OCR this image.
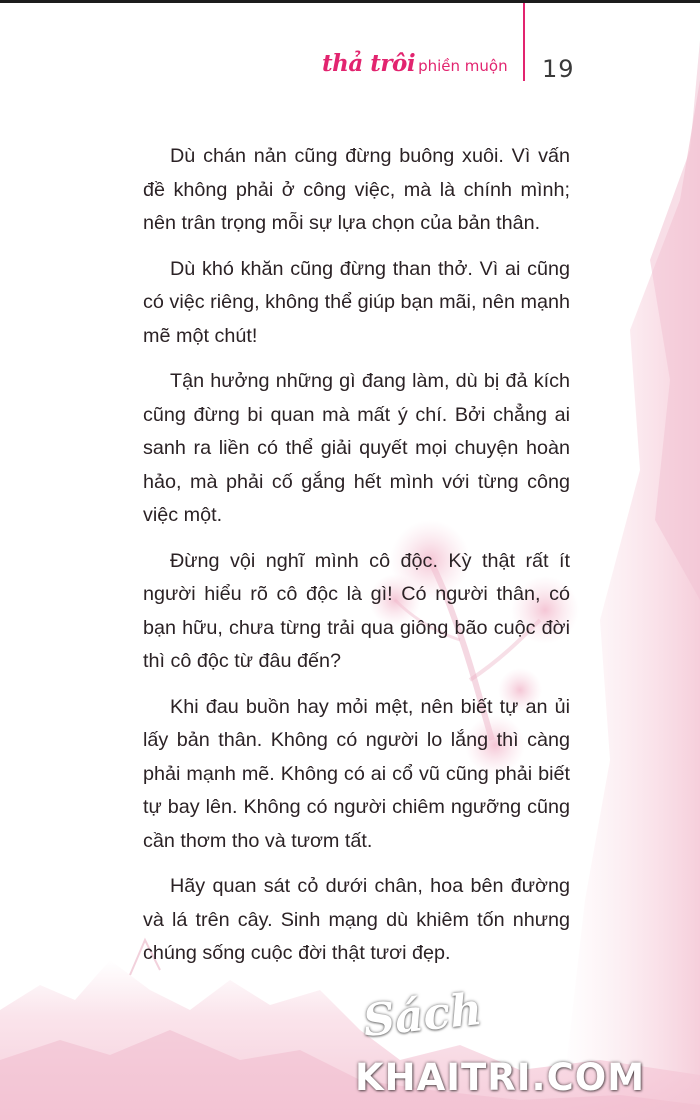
thả trôi phiền muộn 19

Dù chán nản cũng đừng buông xuôi. Vì vấn đề không phải ở công việc, mà là chính mình; nên trân trọng mỗi sự lựa chọn của bản thân.

Dù khó khăn cũng đừng than thở. Vì ai cũng có việc riêng, không thể giúp bạn mãi, nên mạnh mẽ một chút!

Tận hưởng những gì đang làm, dù bị đả kích cũng đừng bi quan mà mất ý chí. Bởi chẳng ai sanh ra liền có thể giải quyết mọi chuyện hoàn hảo, mà phải cố gắng hết mình với từng công việc một.

Đừng vội nghĩ mình cô độc. Kỳ thật rất ít người hiểu rõ cô độc là gì! Có người thân, có bạn hữu, chưa từng trải qua giông bão cuộc đời thì cô độc từ đâu đến?

Khi đau buồn hay mỏi mệt, nên biết tự an ủi lấy bản thân. Không có người lo lắng thì càng phải mạnh mẽ. Không có ai cổ vũ cũng phải biết tự bay lên. Không có người chiêm ngưỡng cũng cần thơm tho và tươm tất.

Hãy quan sát cỏ dưới chân, hoa bên đường và lá trên cây. Sinh mạng dù khiêm tốn nhưng chúng sống cuộc đời thật tươi đẹp.

Sách
KHAITRI.COM
